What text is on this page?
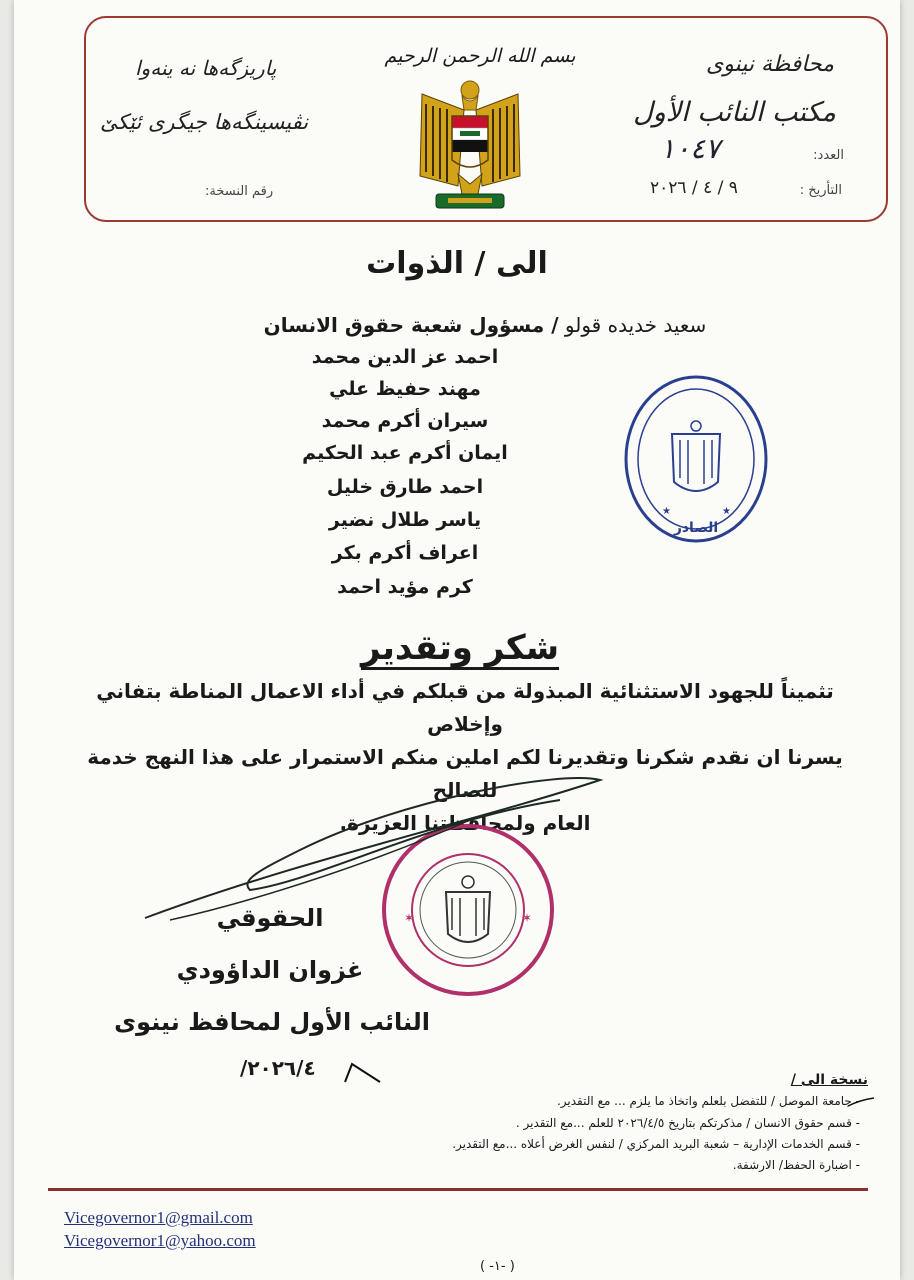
محافظة نينوى
مكتب النائب الأول
العدد:
١٠٤٧
التأريخ :
٩ / ٤ / ٢٠٢٦
بسم الله الرحمن الرحيم
پاریزگەها نە ینەوا
نڤیسینگەها جیگری ئێکێ
رقم النسخة:
الى / الذوات
سعيد خديده قولو / مسؤول شعبة حقوق الانسان
احمد عز الدين محمد
مهند حفيظ علي
سيران أكرم محمد
ايمان أكرم عبد الحكيم
احمد طارق خليل
ياسر طلال نضير
اعراف أكرم بكر
كرم مؤيد احمد
★	★
الصادر
شكر وتقدير
تثميناً للجهود الاستثنائية المبذولة من قبلكم في أداء الاعمال المناطة بتفاني وإخلاص
يسرنا ان نقدم شكرنا وتقديرنا لكم املين منكم الاستمرار على هذا النهج خدمة للصالح
العام ولمحافظتنا العزيزة.
✶	✶
الحقوقي
غزوان الداؤودي
النائب الأول لمحافظ نينوى
٢٠٢٦/٤/	نسخة الى /
- جامعة الموصل / للتفضل بلعلم واتخاذ ما يلزم ... مع التقدير.
- قسم حقوق الانسان / مذكرتكم بتاريخ ٢٠٢٦/٤/٥ للعلم ...مع التقدير .
- قسم الخدمات الإدارية – شعبة البريد المركزي / لنفس الغرض أعلاه ...مع التقدير.
- اضبارة الحفظ/ الارشفة.
Vicegovernor1@gmail.com
Vicegovernor1@yahoo.com
( -١- )
